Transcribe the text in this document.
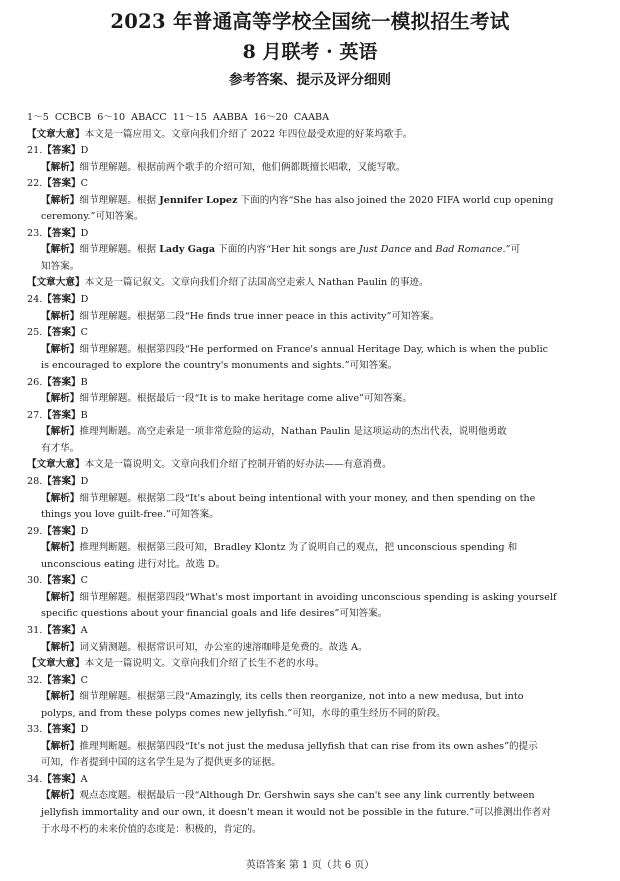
2023 年普通高等学校全国统一模拟招生考试
8 月联考 · 英语
参考答案、提示及评分细则
1～5 CCBCB 6～10 ABACC 11～15 AABBA 16～20 CAABA
【文章大意】本文是一篇应用文。文章向我们介绍了 2022 年四位最受欢迎的好莱坞歌手。
21.【答案】D
【解析】细节理解题。根据前两个歌手的介绍可知，他们俩都既擅长唱歌，又能写歌。
22.【答案】C
【解析】细节理解题。根据 Jennifer Lopez 下面的内容“She has also joined the 2020 FIFA world cup opening
ceremony.”可知答案。
23.【答案】D
【解析】细节理解题。根据 Lady Gaga 下面的内容“Her hit songs are Just Dance and Bad Romance.”可
知答案。
【文章大意】本文是一篇记叙文。文章向我们介绍了法国高空走索人 Nathan Paulin 的事迹。
24.【答案】D
【解析】细节理解题。根据第二段“He finds true inner peace in this activity”可知答案。
25.【答案】C
【解析】细节理解题。根据第四段“He performed on France's annual Heritage Day, which is when the public
is encouraged to explore the country's monuments and sights.”可知答案。
26.【答案】B
【解析】细节理解题。根据最后一段“It is to make heritage come alive”可知答案。
27.【答案】B
【解析】推理判断题。高空走索是一项非常危险的运动，Nathan Paulin 是这项运动的杰出代表，说明他勇敢
有才华。
【文章大意】本文是一篇说明文。文章向我们介绍了控制开销的好办法——有意消费。
28.【答案】D
【解析】细节理解题。根据第二段“It's about being intentional with your money, and then spending on the
things you love guilt-free.”可知答案。
29.【答案】D
【解析】推理判断题。根据第三段可知，Bradley Klontz 为了说明自己的观点，把 unconscious spending 和
unconscious eating 进行对比。故选 D。
30.【答案】C
【解析】细节理解题。根据第四段“What's most important in avoiding unconscious spending is asking yourself
specific questions about your financial goals and life desires”可知答案。
31.【答案】A
【解析】词义猜测题。根据常识可知，办公室的速溶咖啡是免费的。故选 A。
【文章大意】本文是一篇说明文。文章向我们介绍了长生不老的水母。
32.【答案】C
【解析】细节理解题。根据第三段“Amazingly, its cells then reorganize, not into a new medusa, but into
polyps, and from these polyps comes new jellyfish.”可知，水母的重生经历不同的阶段。
33.【答案】D
【解析】推理判断题。根据第四段“It's not just the medusa jellyfish that can rise from its own ashes”的提示
可知，作者提到中国的这名学生是为了提供更多的证据。
34.【答案】A
【解析】观点态度题。根据最后一段“Although Dr. Gershwin says she can't see any link currently between
jellyfish immortality and our own, it doesn't mean it would not be possible in the future.”可以推测出作者对
于水母不朽的未来价值的态度是：积极的，肯定的。
英语答案 第 1 页（共 6 页）
